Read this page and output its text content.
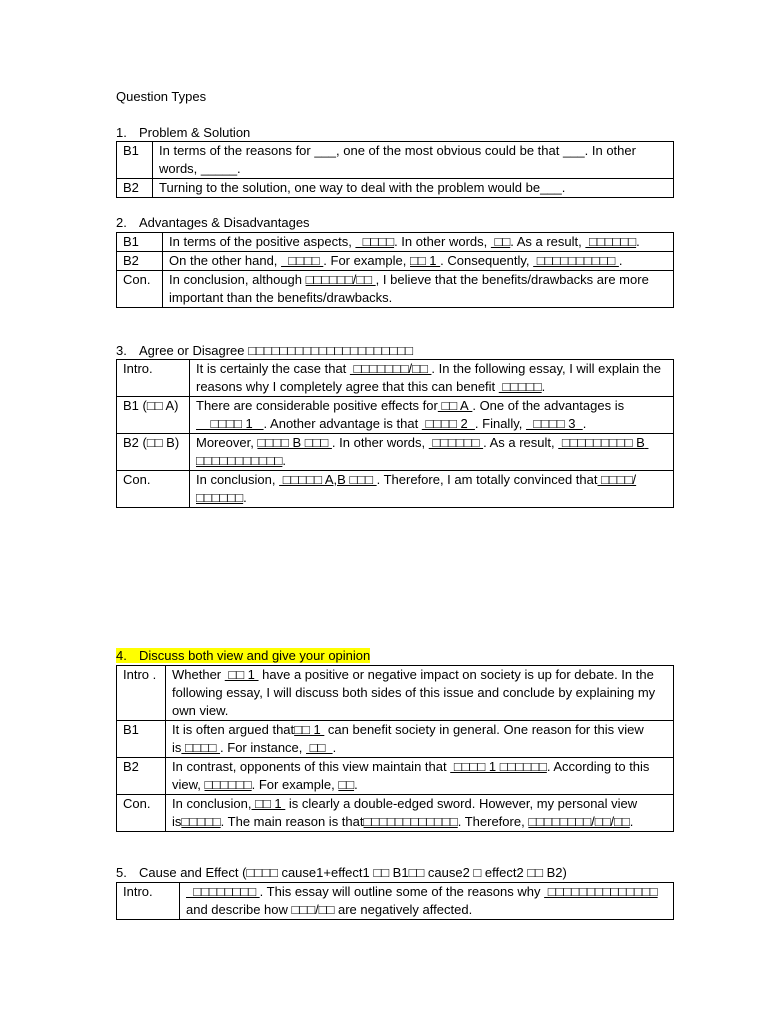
Question Types
1. Problem & Solution
B1	In terms of the reasons for ___, one of the most obvious could be that ___. In other words, _____.
B2	Turning to the solution, one way to deal with the problem would be___.
2. Advantages & Disadvantages
B1	In terms of the positive aspects,   □□□□. In other words,  □□. As a result,  □□□□□□.
B2	On the other hand,   □□□□ . For example, □□ 1 . Consequently,  □□□□□□□□□□ .
Con.	In conclusion, although □□□□□□/□□ , I believe that the benefits/drawbacks are more important than the benefits/drawbacks.
3. Agree or Disagree □□□□□□□□□□□□□□□□□□□□□
Intro.	It is certainly the case that  □□□□□□□/□□ . In the following essay, I will explain the reasons why I completely agree that this can benefit  □□□□□.
B1 (□□ A)	There are considerable positive effects for □□ A . One of the advantages is     □□□□ 1   . Another advantage is that  □□□□ 2  . Finally,   □□□□ 3  .
B2 (□□ B)	Moreover, □□□□ B □□□ . In other words,  □□□□□□ . As a result,  □□□□□□□□□ B □□□□□□□□□□□.
Con.	In conclusion,  □□□□□ A,B □□□ . Therefore, I am totally convinced that □□□□/□□□□□□.
4. Discuss both view and give your opinion
Intro .	Whether  □□ 1  have a positive or negative impact on society is up for debate. In the following essay, I will discuss both sides of this issue and conclude by explaining my own view.
B1	It is often argued that□□ 1  can benefit society in general. One reason for this view is □□□□ . For instance,  □□  .
B2	In contrast, opponents of this view maintain that  □□□□ 1 □□□□□□. According to this view, □□□□□□. For example, □□.
Con.	In conclusion, □□ 1  is clearly a double-edged sword. However, my personal view is□□□□□. The main reason is that□□□□□□□□□□□□. Therefore, □□□□□□□□/□□/□□.
5. Cause and Effect (□□□□ cause1+effect1 □□ B1□□ cause2 □ effect2 □□ B2)
Intro.	□□□□□□□□ . This essay will outline some of the reasons why  □□□□□□□□□□□□□□ and describe how □□□/□□ are negatively affected.
